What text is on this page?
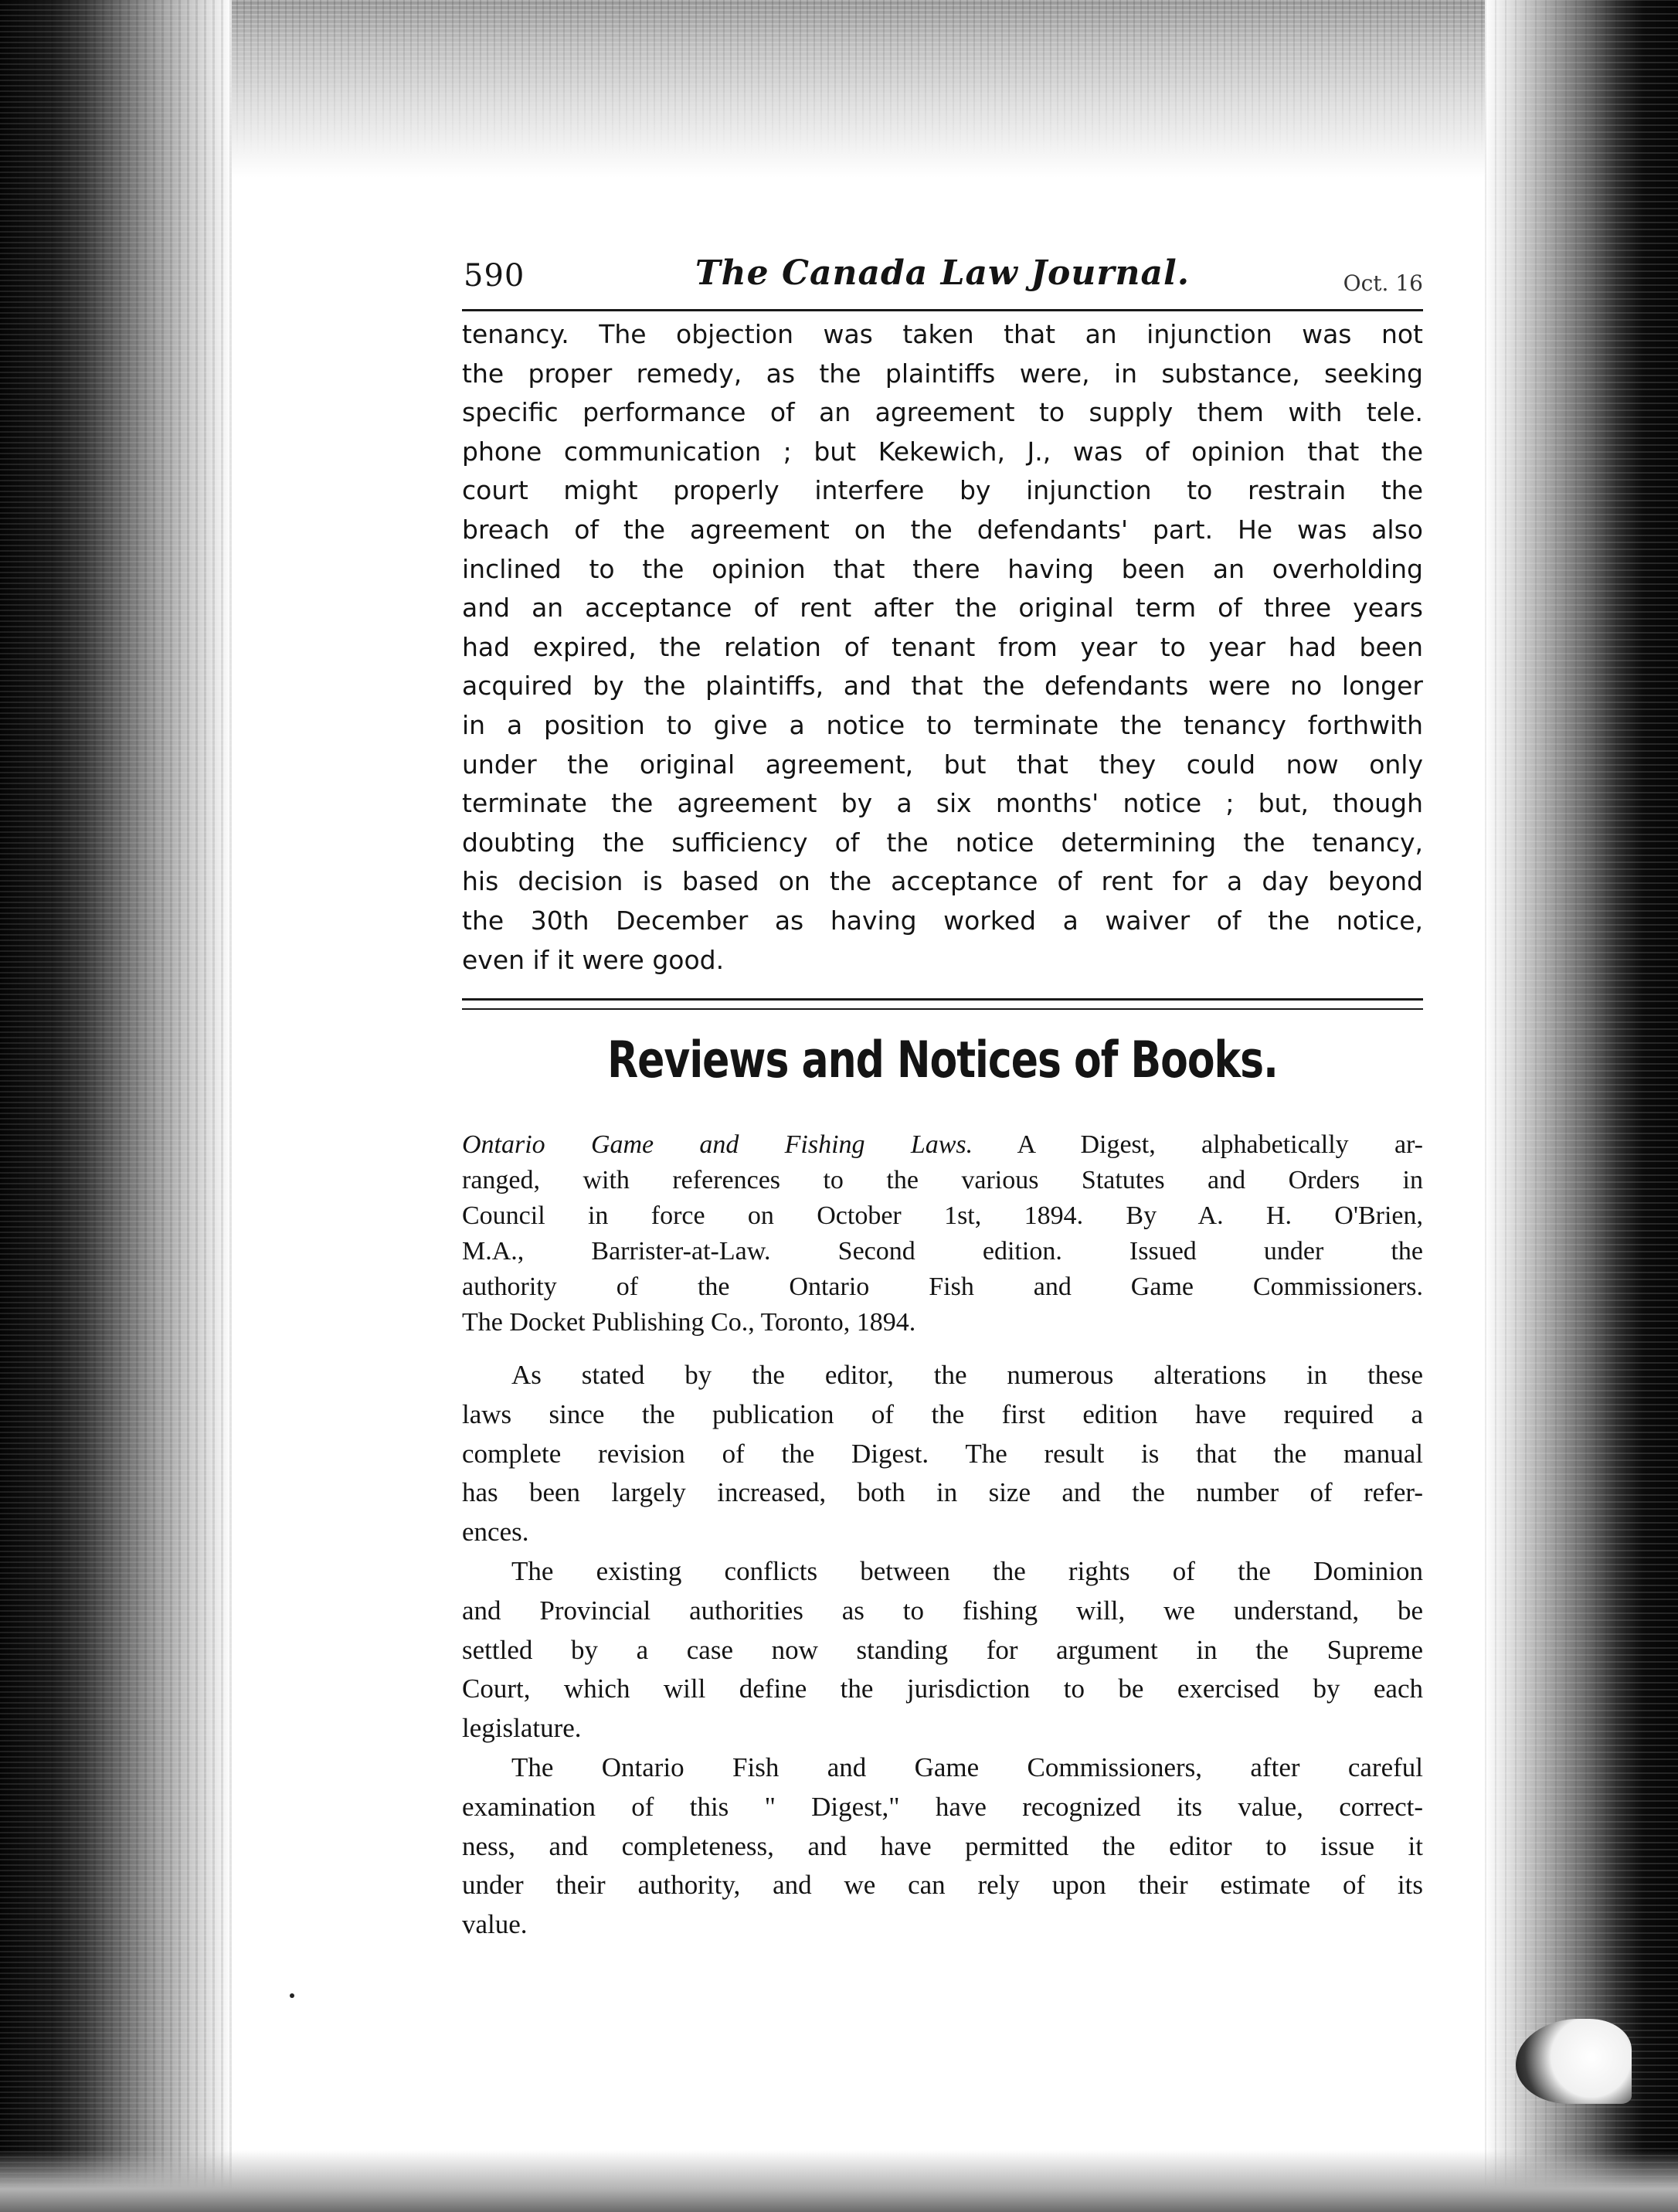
590	The Canada Law Journal.	Oct. 16
tenancy. The objection was taken that an injunction was not
the proper remedy, as the plaintiffs were, in substance, seeking
specific performance of an agreement to supply them with tele.
phone communication ; but Kekewich, J., was of opinion that the
court might properly interfere by injunction to restrain the
breach of the agreement on the defendants' part. He was also
inclined to the opinion that there having been an overholding
and an acceptance of rent after the original term of three years
had expired, the relation of tenant from year to year had been
acquired by the plaintiffs, and that the defendants were no longer
in a position to give a notice to terminate the tenancy forthwith
under the original agreement, but that they could now only
terminate the agreement by a six months' notice ; but, though
doubting the sufficiency of the notice determining the tenancy,
his decision is based on the acceptance of rent for a day beyond
the 30th December as having worked a waiver of the notice,
even if it were good.
Reviews and Notices of Books.
Ontario Game and Fishing Laws. A Digest, alphabetically ar-
ranged, with references to the various Statutes and Orders in
Council in force on October 1st, 1894. By A. H. O'Brien,
M.A., Barrister-at-Law. Second edition. Issued under the
authority of the Ontario Fish and Game Commissioners.
The Docket Publishing Co., Toronto, 1894.
As stated by the editor, the numerous alterations in these
laws since the publication of the first edition have required a
complete revision of the Digest. The result is that the manual
has been largely increased, both in size and the number of refer-
ences.
The existing conflicts between the rights of the Dominion
and Provincial authorities as to fishing will, we understand, be
settled by a case now standing for argument in the Supreme
Court, which will define the jurisdiction to be exercised by each
legislature.
The Ontario Fish and Game Commissioners, after careful
examination of this " Digest," have recognized its value, correct-
ness, and completeness, and have permitted the editor to issue it
under their authority, and we can rely upon their estimate of its
value.
